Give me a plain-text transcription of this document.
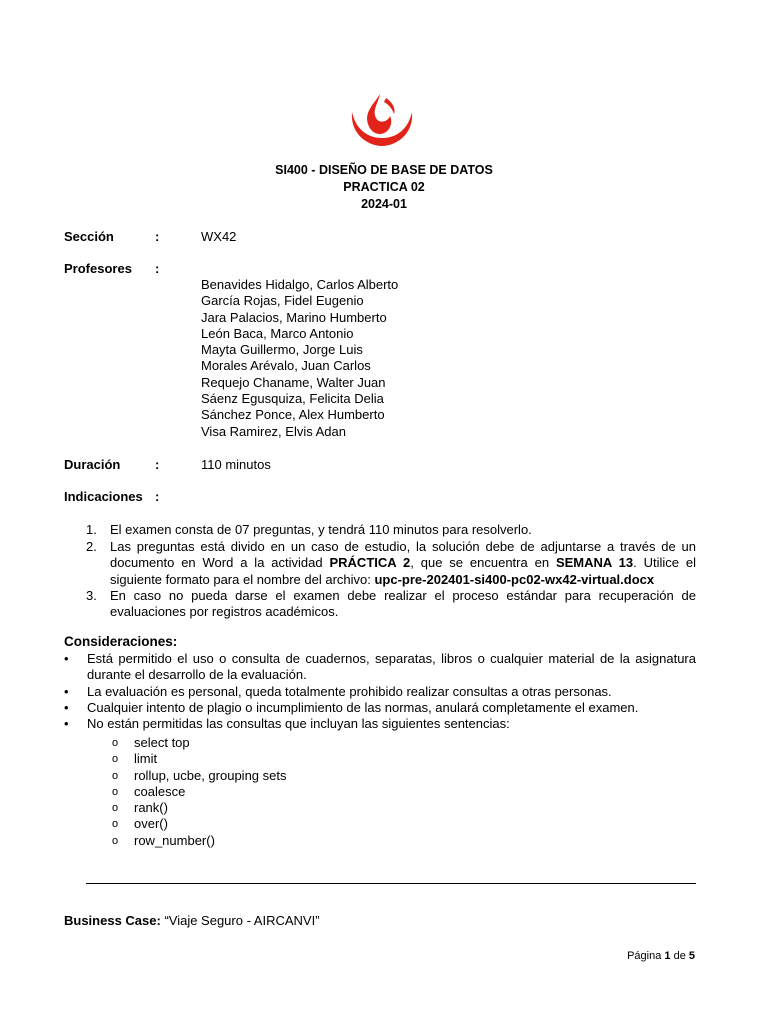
SI400 - DISEÑO DE BASE DE DATOS
PRACTICA 02
2024-01
Sección	:	WX42
Profesores :
Benavides Hidalgo, Carlos Alberto
García Rojas, Fidel Eugenio
Jara Palacios, Marino Humberto
León Baca, Marco Antonio
Mayta Guillermo, Jorge Luis
Morales Arévalo, Juan Carlos
Requejo Chaname, Walter Juan
Sáenz Egusquiza, Felicita Delia
Sánchez Ponce, Alex Humberto
Visa Ramirez, Elvis Adan
Duración	:	110 minutos
Indicaciones :
1. El examen consta de 07 preguntas, y tendrá 110 minutos para resolverlo.
2. Las preguntas está divido en un caso de estudio, la solución debe de adjuntarse a través de un documento en Word a la actividad PRÁCTICA 2, que se encuentra en SEMANA 13. Utilice el siguiente formato para el nombre del archivo: upc-pre-202401-si400-pc02-wx42-virtual.docx
3. En caso no pueda darse el examen debe realizar el proceso estándar para recuperación de evaluaciones por registros académicos.
Consideraciones:
• Está permitido el uso o consulta de cuadernos, separatas, libros o cualquier material de la asignatura durante el desarrollo de la evaluación.
• La evaluación es personal, queda totalmente prohibido realizar consultas a otras personas.
• Cualquier intento de plagio o incumplimiento de las normas, anulará completamente el examen.
• No están permitidas las consultas que incluyan las siguientes sentencias:
o select top
o limit
o rollup, ucbe, grouping sets
o coalesce
o rank()
o over()
o row_number()
Business Case: “Viaje Seguro - AIRCANVI”
Página 1 de 5
